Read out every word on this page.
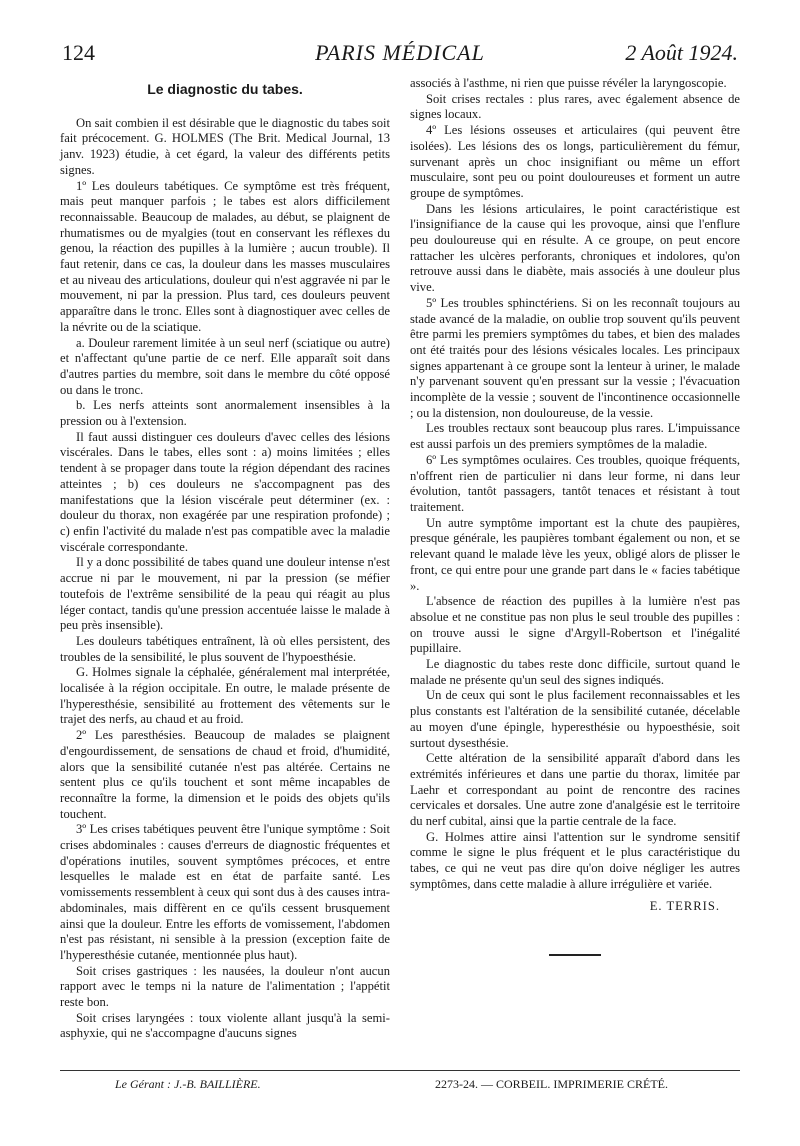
124	PARIS MÉDICAL	2 Août 1924.
Le diagnostic du tabes.

On sait combien il est désirable que le diagnostic du tabes soit fait précocement. G. HOLMES (The Brit. Medical Journal, 13 janv. 1923) étudie, à cet égard, la valeur des différents petits signes.

1º Les douleurs tabétiques. Ce symptôme est très fréquent, mais peut manquer parfois ; le tabes est alors difficilement reconnaissable. Beaucoup de malades, au début, se plaignent de rhumatismes ou de myalgies (tout en conservant les réflexes du genou, la réaction des pupilles à la lumière ; aucun trouble). Il faut retenir, dans ce cas, la douleur dans les masses musculaires et au niveau des articulations, douleur qui n'est aggravée ni par le mouvement, ni par la pression. Plus tard, ces douleurs peuvent apparaître dans le tronc. Elles sont à diagnostiquer avec celles de la névrite ou de la sciatique.

a. Douleur rarement limitée à un seul nerf (sciatique ou autre) et n'affectant qu'une partie de ce nerf. Elle apparaît soit dans d'autres parties du membre, soit dans le membre du côté opposé ou dans le tronc.

b. Les nerfs atteints sont anormalement insensibles à la pression ou à l'extension.

Il faut aussi distinguer ces douleurs d'avec celles des lésions viscérales. Dans le tabes, elles sont : a) moins limitées ; elles tendent à se propager dans toute la région dépendant des racines atteintes ; b) ces douleurs ne s'accompagnent pas des manifestations que la lésion viscérale peut déterminer (ex. : douleur du thorax, non exagérée par une respiration profonde) ; c) enfin l'activité du malade n'est pas compatible avec la maladie viscérale correspondante.

Il y a donc possibilité de tabes quand une douleur intense n'est accrue ni par le mouvement, ni par la pression (se méfier toutefois de l'extrême sensibilité de la peau qui réagit au plus léger contact, tandis qu'une pression accentuée laisse le malade à peu près insensible).

Les douleurs tabétiques entraînent, là où elles persistent, des troubles de la sensibilité, le plus souvent de l'hypoesthésie.

G. Holmes signale la céphalée, généralement mal interprétée, localisée à la région occipitale. En outre, le malade présente de l'hyperesthésie, sensibilité au frottement des vêtements sur le trajet des nerfs, au chaud et au froid.

2º Les paresthésies. Beaucoup de malades se plaignent d'engourdissement, de sensations de chaud et froid, d'humidité, alors que la sensibilité cutanée n'est pas altérée. Certains ne sentent plus ce qu'ils touchent et sont même incapables de reconnaître la forme, la dimension et le poids des objets qu'ils touchent.

3º Les crises tabétiques peuvent être l'unique symptôme : Soit crises abdominales : causes d'erreurs de diagnostic fréquentes et d'opérations inutiles, souvent symptômes précoces, et entre lesquelles le malade est en état de parfaite santé. Les vomissements ressemblent à ceux qui sont dus à des causes intra-abdominales, mais diffèrent en ce qu'ils cessent brusquement ainsi que la douleur. Entre les efforts de vomissement, l'abdomen n'est pas résistant, ni sensible à la pression (exception faite de l'hyperesthésie cutanée, mentionnée plus haut).

Soit crises gastriques : les nausées, la douleur n'ont aucun rapport avec le temps ni la nature de l'alimentation ; l'appétit reste bon.

Soit crises laryngées : toux violente allant jusqu'à la semi-asphyxie, qui ne s'accompagne d'aucuns signes

associés à l'asthme, ni rien que puisse révéler la laryngoscopie.

Soit crises rectales : plus rares, avec également absence de signes locaux.

4º Les lésions osseuses et articulaires (qui peuvent être isolées). Les lésions des os longs, particulièrement du fémur, survenant après un choc insignifiant ou même un effort musculaire, sont peu ou point douloureuses et forment un autre groupe de symptômes.

Dans les lésions articulaires, le point caractéristique est l'insignifiance de la cause qui les provoque, ainsi que l'enflure peu douloureuse qui en résulte. A ce groupe, on peut encore rattacher les ulcères perforants, chroniques et indolores, qu'on retrouve aussi dans le diabète, mais associés à une douleur plus vive.

5º Les troubles sphinctériens. Si on les reconnaît toujours au stade avancé de la maladie, on oublie trop souvent qu'ils peuvent être parmi les premiers symptômes du tabes, et bien des malades ont été traités pour des lésions vésicales locales. Les principaux signes appartenant à ce groupe sont la lenteur à uriner, le malade n'y parvenant souvent qu'en pressant sur la vessie ; l'évacuation incomplète de la vessie ; souvent de l'incontinence occasionnelle ; ou la distension, non douloureuse, de la vessie.

Les troubles rectaux sont beaucoup plus rares. L'impuissance est aussi parfois un des premiers symptômes de la maladie.

6º Les symptômes oculaires. Ces troubles, quoique fréquents, n'offrent rien de particulier ni dans leur forme, ni dans leur évolution, tantôt passagers, tantôt tenaces et résistant à tout traitement.

Un autre symptôme important est la chute des paupières, presque générale, les paupières tombant également ou non, et se relevant quand le malade lève les yeux, obligé alors de plisser le front, ce qui entre pour une grande part dans le « facies tabétique ».

L'absence de réaction des pupilles à la lumière n'est pas absolue et ne constitue pas non plus le seul trouble des pupilles : on trouve aussi le signe d'Argyll-Robertson et l'inégalité pupillaire.

Le diagnostic du tabes reste donc difficile, surtout quand le malade ne présente qu'un seul des signes indiqués.

Un de ceux qui sont le plus facilement reconnaissables et les plus constants est l'altération de la sensibilité cutanée, décelable au moyen d'une épingle, hyperesthésie ou hypoesthésie, soit surtout dysesthésie.

Cette altération de la sensibilité apparaît d'abord dans les extrémités inférieures et dans une partie du thorax, limitée par Laehr et correspondant au point de rencontre des racines cervicales et dorsales. Une autre zone d'analgésie est le territoire du nerf cubital, ainsi que la partie centrale de la face.

G. Holmes attire ainsi l'attention sur le syndrome sensitif comme le signe le plus fréquent et le plus caractéristique du tabes, ce qui ne veut pas dire qu'on doive négliger les autres symptômes, dans cette maladie à allure irrégulière et variée.

E. TERRIS.
Le Gérant : J.-B. BAILLIÈRE.	2273-24. — CORBEIL. IMPRIMERIE CRÉTÉ.
